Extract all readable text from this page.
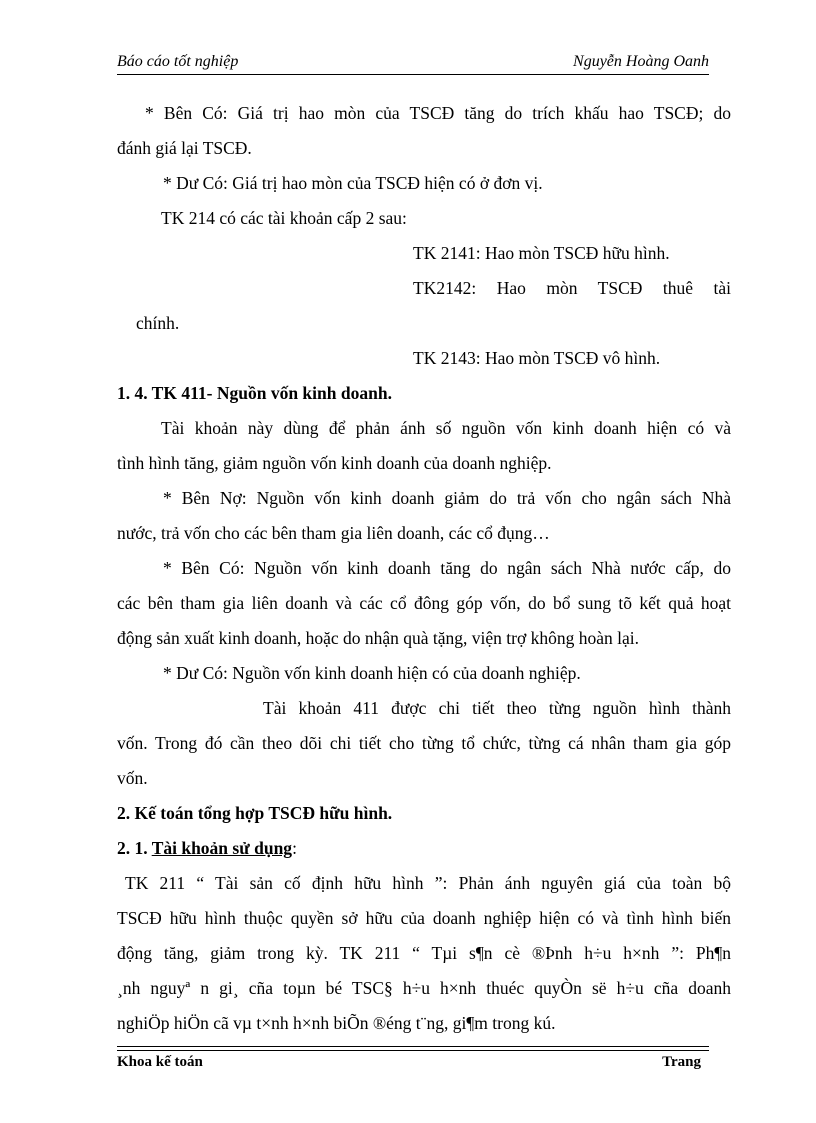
Báo cáo tốt nghiệp	Nguyễn Hoàng Oanh

* Bên Có: Giá trị hao mòn của TSCĐ tăng do trích khấu hao TSCĐ; do

đánh giá lại TSCĐ.

* Dư Có: Giá trị hao mòn của TSCĐ hiện có ở đơn vị.

TK 214 có các tài khoản cấp 2 sau:

TK 2141: Hao mòn TSCĐ hữu hình.

TK2142: Hao mòn TSCĐ thuê tài

chính.

TK 2143: Hao mòn TSCĐ vô hình.

1. 4. TK 411- Nguồn vốn kinh doanh.

Tài khoản này dùng để phản ánh số nguồn vốn kinh doanh hiện có và

tình hình tăng, giảm nguồn vốn kinh doanh của doanh nghiệp.

* Bên Nợ: Nguồn vốn kinh doanh giảm do trả vốn cho ngân sách Nhà

nước, trả vốn cho các bên tham gia liên doanh, các cổ đụng…

* Bên Có: Nguồn vốn kinh doanh tăng do ngân sách Nhà nước cấp, do

các bên tham gia liên doanh và các cổ đông góp vốn, do bổ sung tõ kết quả hoạt

động sản xuất kinh doanh, hoặc do nhận quà tặng, viện trợ không hoàn lại.

* Dư Có: Nguồn vốn kinh doanh hiện có của doanh nghiệp.

Tài khoản 411 được chi tiết theo từng nguồn hình thành

vốn. Trong đó cần theo dõi chi tiết cho từng tổ chức, từng cá nhân tham gia góp

vốn.

2. Kế toán tổng hợp TSCĐ hữu hình.

2. 1. Tài khoản sử dụng:

TK 211 “ Tài sản cố định hữu hình ”: Phản ánh nguyên giá của toàn bộ

TSCĐ hữu hình thuộc quyền sở hữu của doanh nghiệp hiện có và tình hình biến

động tăng, giảm trong kỳ. TK 211 “ Tµi s¶n cè ®Þnh h÷u h×nh ”: Ph¶n

¸nh nguyª n gi¸ cña toµn bé TSC§ h÷u h×nh thuéc quyÒn së h÷u cña doanh

nghiÖp hiÖn cã vµ t×nh h×nh biÕn ®éng t¨ng, gi¶m trong kú.

Khoa kế toán	Trang
